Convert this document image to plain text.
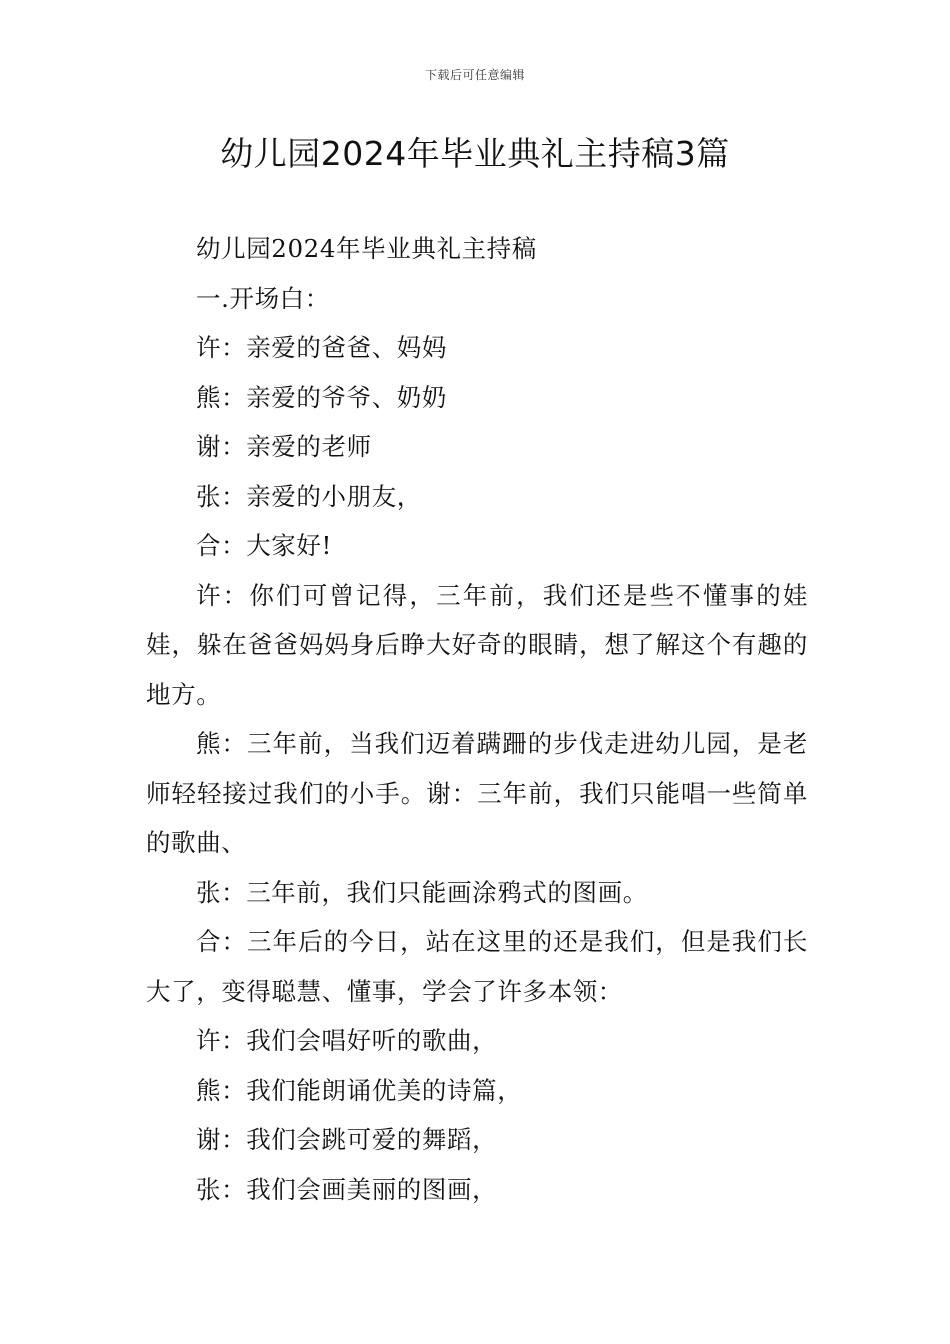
下载后可任意编辑
幼儿园2024年毕业典礼主持稿3篇

幼儿园2024年毕业典礼主持稿

一.开场白：

许：亲爱的爸爸、妈妈

熊：亲爱的爷爷、奶奶

谢：亲爱的老师

张：亲爱的小朋友，

合：大家好!

许：你们可曾记得，三年前，我们还是些不懂事的娃娃，躲在爸爸妈妈身后睁大好奇的眼睛，想了解这个有趣的地方。

熊：三年前，当我们迈着蹒跚的步伐走进幼儿园，是老师轻轻接过我们的小手。谢：三年前，我们只能唱一些简单的歌曲、

张：三年前，我们只能画涂鸦式的图画。

合：三年后的今日，站在这里的还是我们，但是我们长大了，变得聪慧、懂事，学会了许多本领：

许：我们会唱好听的歌曲，

熊：我们能朗诵优美的诗篇，

谢：我们会跳可爱的舞蹈，

张：我们会画美丽的图画，
